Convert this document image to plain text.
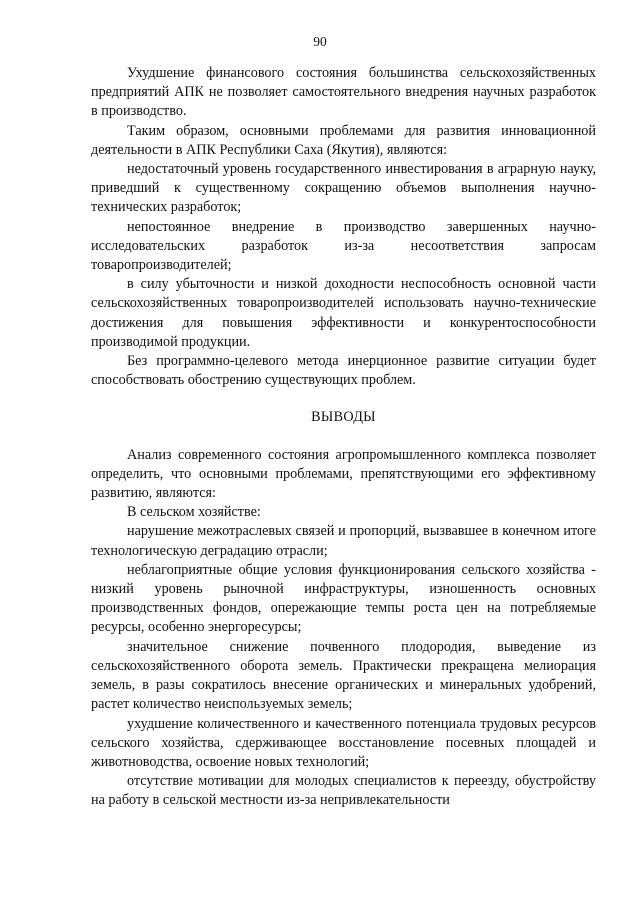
90

Ухудшение финансового состояния большинства сельскохозяйственных предприятий АПК не позволяет самостоятельного внедрения научных разработок в производство.

Таким образом, основными проблемами для развития инновационной деятельности в АПК Республики Саха (Якутия), являются:

недостаточный уровень государственного инвестирования в аграрную науку, приведший к существенному сокращению объемов выполнения научно-технических разработок;

непостоянное внедрение в производство завершенных научно-исследовательских разработок из-за несоответствия запросам товаропроизводителей;

в силу убыточности и низкой доходности неспособность основной части сельскохозяйственных товаропроизводителей использовать научно-технические достижения для повышения эффективности и конкурентоспособности производимой продукции.

Без программно-целевого метода инерционное развитие ситуации будет способствовать обострению существующих проблем.

ВЫВОДЫ

Анализ современного состояния агропромышленного комплекса позволяет определить, что основными проблемами, препятствующими его эффективному развитию, являются:

В сельском хозяйстве:

нарушение межотраслевых связей и пропорций, вызвавшее в конечном итоге технологическую деградацию отрасли;

неблагоприятные общие условия функционирования сельского хозяйства - низкий уровень рыночной инфраструктуры, изношенность основных производственных фондов, опережающие темпы роста цен на потребляемые ресурсы, особенно энергоресурсы;

значительное снижение почвенного плодородия, выведение из сельскохозяйственного оборота земель. Практически прекращена мелиорация земель, в разы сократилось внесение органических и минеральных удобрений, растет количество неиспользуемых земель;

ухудшение количественного и качественного потенциала трудовых ресурсов сельского хозяйства, сдерживающее восстановление посевных площадей и животноводства, освоение новых технологий;

отсутствие мотивации для молодых специалистов к переезду, обустройству на работу в сельской местности из-за непривлекательности
